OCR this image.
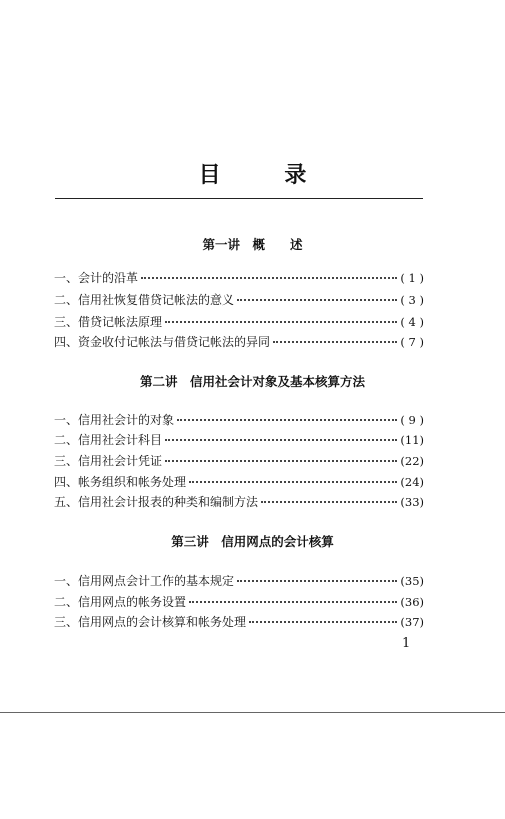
目 录
第一讲　概　　述
一、会计的沿革	( 1 )
二、信用社恢复借贷记帐法的意义	( 3 )
三、借贷记帐法原理	( 4 )
四、资金收付记帐法与借贷记帐法的异同	( 7 )
第二讲　信用社会计对象及基本核算方法
一、信用社会计的对象	( 9 )
二、信用社会计科目	(11)
三、信用社会计凭证	(22)
四、帐务组织和帐务处理	(24)
五、信用社会计报表的种类和编制方法	(33)
第三讲　信用网点的会计核算
一、信用网点会计工作的基本规定	(35)
二、信用网点的帐务设置	(36)
三、信用网点的会计核算和帐务处理	(37)
1
